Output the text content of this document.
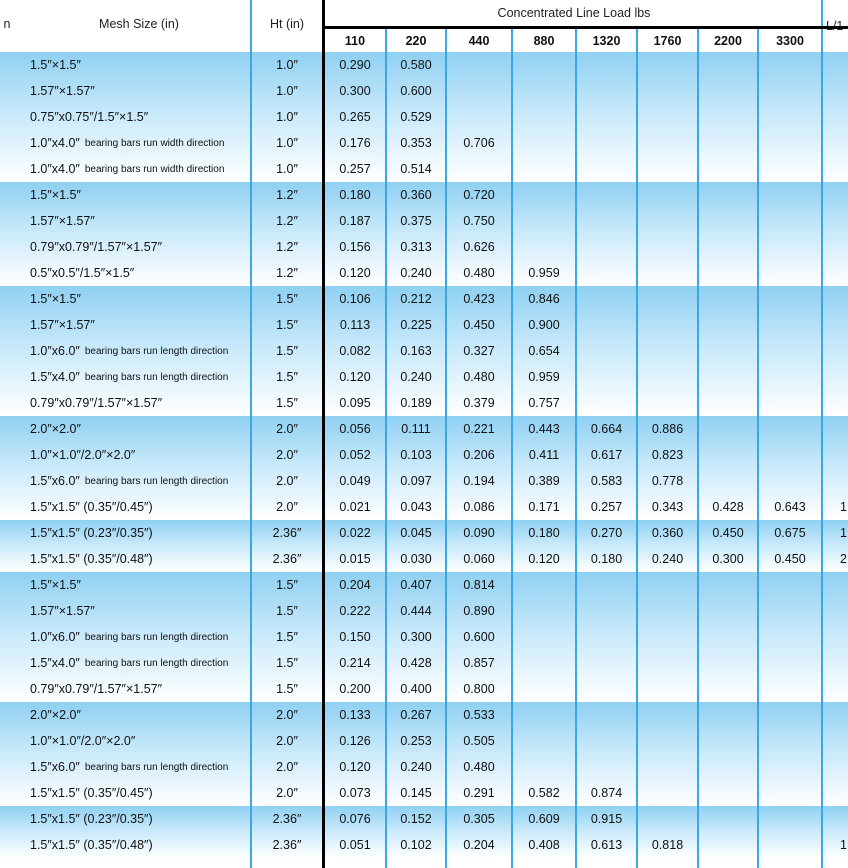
n	Mesh Size (in)	Ht (in)
Concentrated Line Load lbs
110	220	440	880	1320	1760	2200	3300
1.5″×1.5″	1.0″	0.290	0.580
1.57″×1.57″	1.0″	0.300	0.600
0.75″x0.75″/1.5″×1.5″	1.0″	0.265	0.529
1.0″x4.0″ bearing bars run width direction	1.0″	0.176	0.353	0.706
1.0″x4.0″ bearing bars run width direction	1.0″	0.257	0.514
1.5″×1.5″	1.2″	0.180	0.360	0.720
1.57″×1.57″	1.2″	0.187	0.375	0.750
0.79″x0.79″/1.57″×1.57″	1.2″	0.156	0.313	0.626
0.5″x0.5″/1.5″×1.5″	1.2″	0.120	0.240	0.480	0.959
1.5″×1.5″	1.5″	0.106	0.212	0.423	0.846
1.57″×1.57″	1.5″	0.113	0.225	0.450	0.900
1.0″x6.0″ bearing bars run length direction	1.5″	0.082	0.163	0.327	0.654
1.5″x4.0″ bearing bars run length direction	1.5″	0.120	0.240	0.480	0.959
0.79″x0.79″/1.57″×1.57″	1.5″	0.095	0.189	0.379	0.757
2.0″×2.0″	2.0″	0.056	0.111	0.221	0.443	0.664	0.886
1.0″×1.0″/2.0″×2.0″	2.0″	0.052	0.103	0.206	0.411	0.617	0.823
1.5″x6.0″ bearing bars run length direction	2.0″	0.049	0.097	0.194	0.389	0.583	0.778
1.5″x1.5″ (0.35″/0.45″)	2.0″	0.021	0.043	0.086	0.171	0.257	0.343	0.428	0.643	1
1.5″x1.5″ (0.23″/0.35″)	2.36″	0.022	0.045	0.090	0.180	0.270	0.360	0.450	0.675	1
1.5″x1.5″ (0.35″/0.48″)	2.36″	0.015	0.030	0.060	0.120	0.180	0.240	0.300	0.450	2
1.5″×1.5″	1.5″	0.204	0.407	0.814
1.57″×1.57″	1.5″	0.222	0.444	0.890
1.0″x6.0″ bearing bars run length direction	1.5″	0.150	0.300	0.600
1.5″x4.0″ bearing bars run length direction	1.5″	0.214	0.428	0.857
0.79″x0.79″/1.57″×1.57″	1.5″	0.200	0.400	0.800
2.0″×2.0″	2.0″	0.133	0.267	0.533
1.0″×1.0″/2.0″×2.0″	2.0″	0.126	0.253	0.505
1.5″x6.0″ bearing bars run length direction	2.0″	0.120	0.240	0.480
1.5″x1.5″ (0.35″/0.45″)	2.0″	0.073	0.145	0.291	0.582	0.874
1.5″x1.5″ (0.23″/0.35″)	2.36″	0.076	0.152	0.305	0.609	0.915
1.5″x1.5″ (0.35″/0.48″)	2.36″	0.051	0.102	0.204	0.408	0.613	0.818	1
